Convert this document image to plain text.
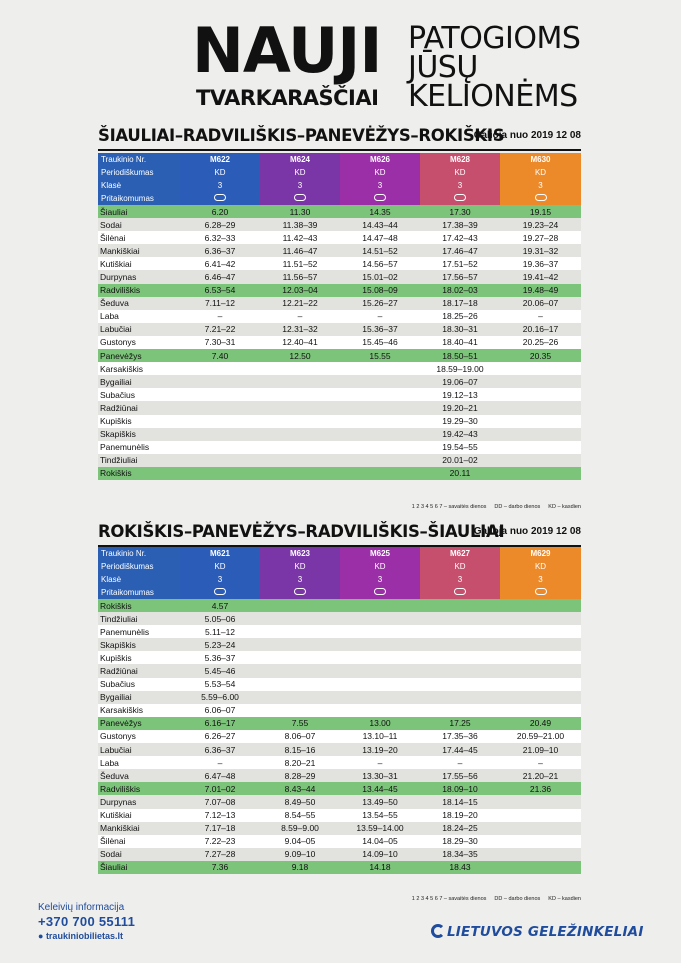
NAUJI
TVARKARAŠČIAI
PATOGIOMS
JŪSŲ
KELIONĖMS
ŠIAULIAI–RADVILIŠKIS–PANEVĖŽYS–ROKIŠKIS
Galioja nuo 2019 12 08
Traukinio Nr.	M622	M624	M626	M628	M630
Periodiškumas	KD	KD	KD	KD	KD
Klasė	3	3	3	3	3
Pritaikomumas					
Šiauliai	6.20	11.30	14.35	17.30	19.15
Sodai	6.28–29	11.38–39	14.43–44	17.38–39	19.23–24
Šilėnai	6.32–33	11.42–43	14.47–48	17.42–43	19.27–28
Mankiškiai	6.36–37	11.46–47	14.51–52	17.46–47	19.31–32
Kutiškiai	6.41–42	11.51–52	14.56–57	17.51–52	19.36–37
Durpynas	6.46–47	11.56–57	15.01–02	17.56–57	19.41–42
Radviliškis	6.53–54	12.03–04	15.08–09	18.02–03	19.48–49
Šeduva	7.11–12	12.21–22	15.26–27	18.17–18	20.06–07
Laba	–	–	–	18.25–26	–
Labučiai	7.21–22	12.31–32	15.36–37	18.30–31	20.16–17
Gustonys	7.30–31	12.40–41	15.45–46	18.40–41	20.25–26
Panevėžys	7.40	12.50	15.55	18.50–51	20.35
Karsakiškis				18.59–19.00	
Bygailiai				19.06–07	
Subačius				19.12–13	
Radžiūnai				19.20–21	
Kupiškis				19.29–30	
Skapiškis				19.42–43	
Panemunėlis				19.54–55	
Tindžiuliai				20.01–02	
Rokiškis				20.11	
1 2 3 4 5 6 7 – savaitės dienos DD – darbo dienos KD – kasdien
ROKIŠKIS–PANEVĖŽYS–RADVILIŠKIS–ŠIAULIAI
Galioja nuo 2019 12 08
Traukinio Nr.	M621	M623	M625	M627	M629
Periodiškumas	KD	KD	KD	KD	KD
Klasė	3	3	3	3	3
Pritaikomumas					
Rokiškis	4.57				
Tindžiuliai	5.05–06				
Panemunėlis	5.11–12				
Skapiškis	5.23–24				
Kupiškis	5.36–37				
Radžiūnai	5.45–46				
Subačius	5.53–54				
Bygailiai	5.59–6.00				
Karsakiškis	6.06–07				
Panevėžys	6.16–17	7.55	13.00	17.25	20.49
Gustonys	6.26–27	8.06–07	13.10–11	17.35–36	20.59–21.00
Labučiai	6.36–37	8.15–16	13.19–20	17.44–45	21.09–10
Laba	–	8.20–21	–	–	–
Šeduva	6.47–48	8.28–29	13.30–31	17.55–56	21.20–21
Radviliškis	7.01–02	8.43–44	13.44–45	18.09–10	21.36
Durpynas	7.07–08	8.49–50	13.49–50	18.14–15	
Kutiškiai	7.12–13	8.54–55	13.54–55	18.19–20	
Mankiškiai	7.17–18	8.59–9.00	13.59–14.00	18.24–25	
Šilėnai	7.22–23	9.04–05	14.04–05	18.29–30	
Sodai	7.27–28	9.09–10	14.09–10	18.34–35	
Šiauliai	7.36	9.18	14.18	18.43	
1 2 3 4 5 6 7 – savaitės dienos DD – darbo dienos KD – kasdien
Keleivių informacija
+370 700 55111
● traukiniobilietas.lt	LIETUVOS GELEŽINKELIAI
